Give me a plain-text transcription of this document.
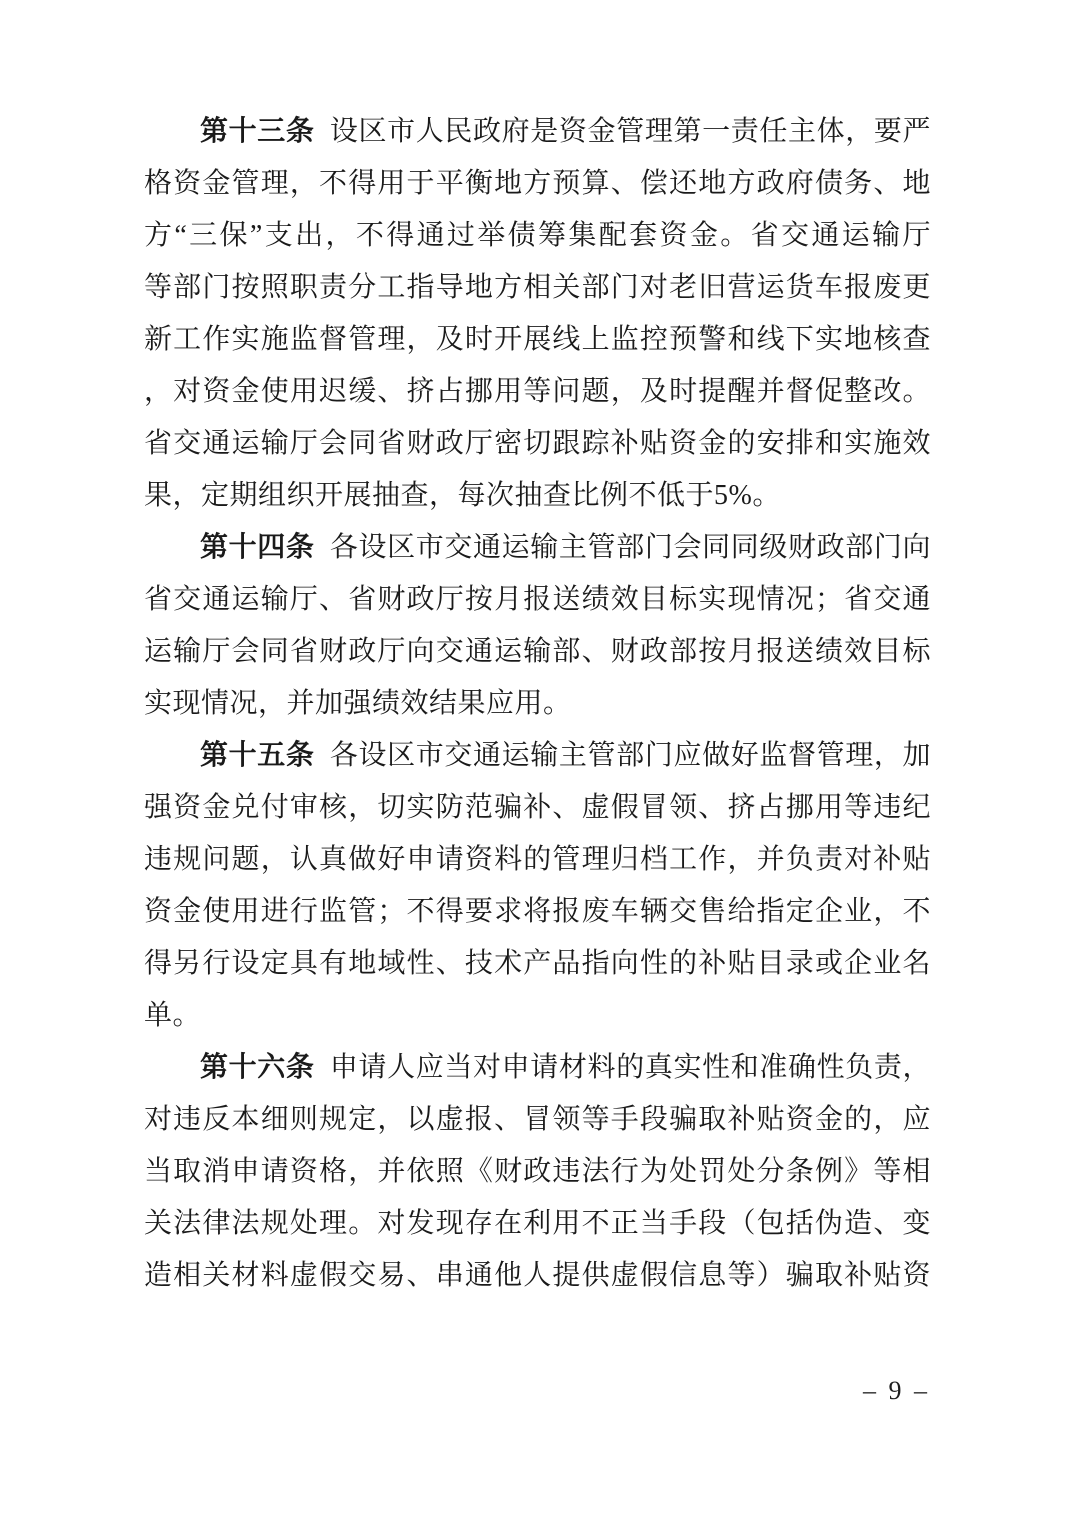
第十三条 设区市人民政府是资金管理第一责任主体，要严
格资金管理，不得用于平衡地方预算、偿还地方政府债务、地
方“三保”支出，不得通过举债筹集配套资金。省交通运输厅
等部门按照职责分工指导地方相关部门对老旧营运货车报废更
新工作实施监督管理，及时开展线上监控预警和线下实地核查
，对资金使用迟缓、挤占挪用等问题，及时提醒并督促整改。
省交通运输厅会同省财政厅密切跟踪补贴资金的安排和实施效
果，定期组织开展抽查，每次抽查比例不低于5%。
第十四条 各设区市交通运输主管部门会同同级财政部门向
省交通运输厅、省财政厅按月报送绩效目标实现情况；省交通
运输厅会同省财政厅向交通运输部、财政部按月报送绩效目标
实现情况，并加强绩效结果应用。
第十五条 各设区市交通运输主管部门应做好监督管理，加
强资金兑付审核，切实防范骗补、虚假冒领、挤占挪用等违纪
违规问题，认真做好申请资料的管理归档工作，并负责对补贴
资金使用进行监管；不得要求将报废车辆交售给指定企业，不
得另行设定具有地域性、技术产品指向性的补贴目录或企业名
单。
第十六条 申请人应当对申请材料的真实性和准确性负责，
对违反本细则规定，以虚报、冒领等手段骗取补贴资金的，应
当取消申请资格，并依照《财政违法行为处罚处分条例》等相
关法律法规处理。对发现存在利用不正当手段（包括伪造、变
造相关材料虚假交易、串通他人提供虚假信息等）骗取补贴资
– 9 –
